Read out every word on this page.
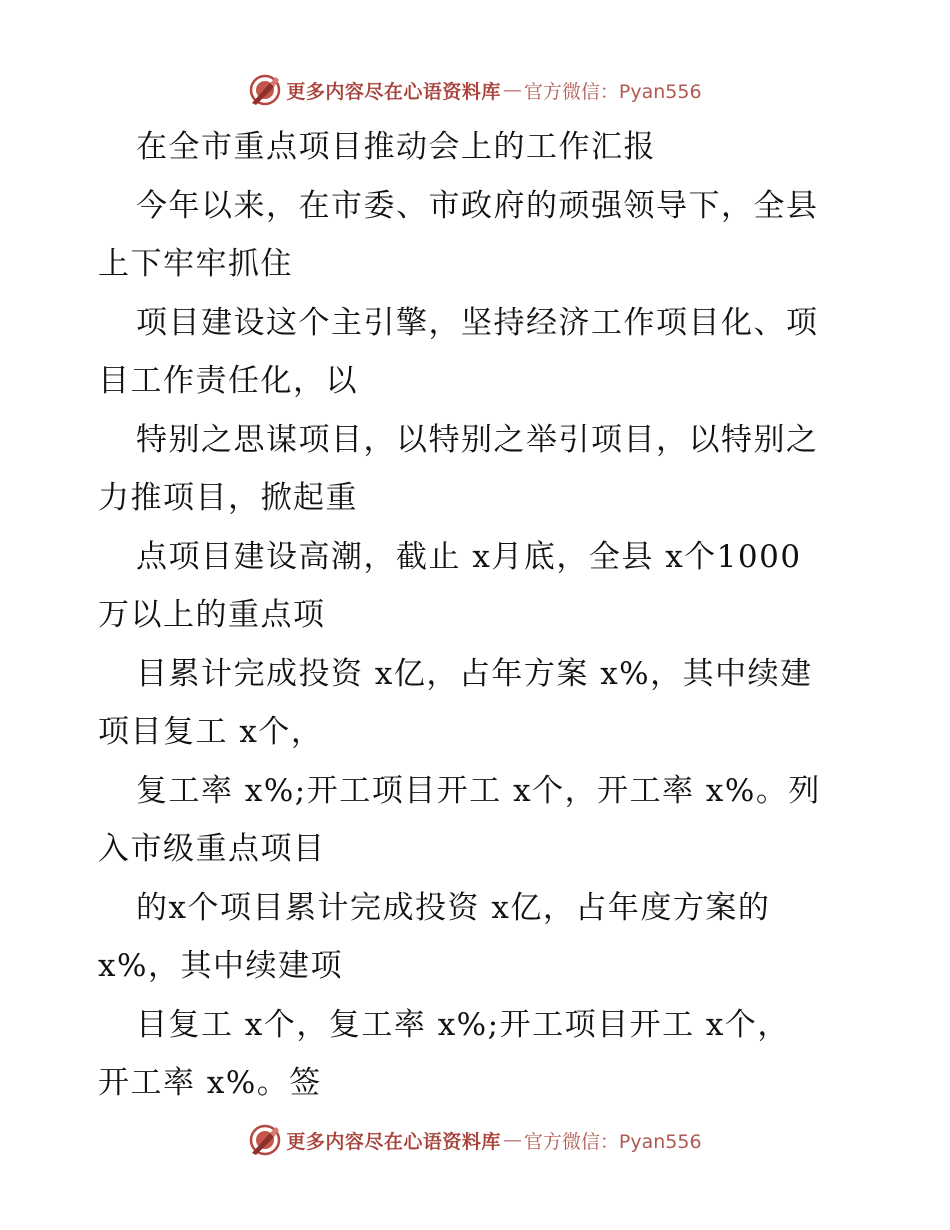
更多内容尽在心语资料库 — 官方微信：Pyan556
在全市重点项目推动会上的工作汇报
今年以来，在市委、市政府的顽强领导下，全县
上下牢牢抓住
项目建设这个主引擎，坚持经济工作项目化、项
目工作责任化，以
特别之思谋项目，以特别之举引项目，以特别之
力推项目，掀起重
点项目建设高潮，截止 x月底，全县 x个1000
万以上的重点项
目累计完成投资 x亿，占年方案 x%，其中续建
项目复工 x个，
复工率 x%;开工项目开工 x个，开工率 x%。列
入市级重点项目
的x个项目累计完成投资 x亿，占年度方案的
x%，其中续建项
目复工 x个，复工率 x%;开工项目开工 x个，
开工率 x%。签
更多内容尽在心语资料库 — 官方微信：Pyan556
